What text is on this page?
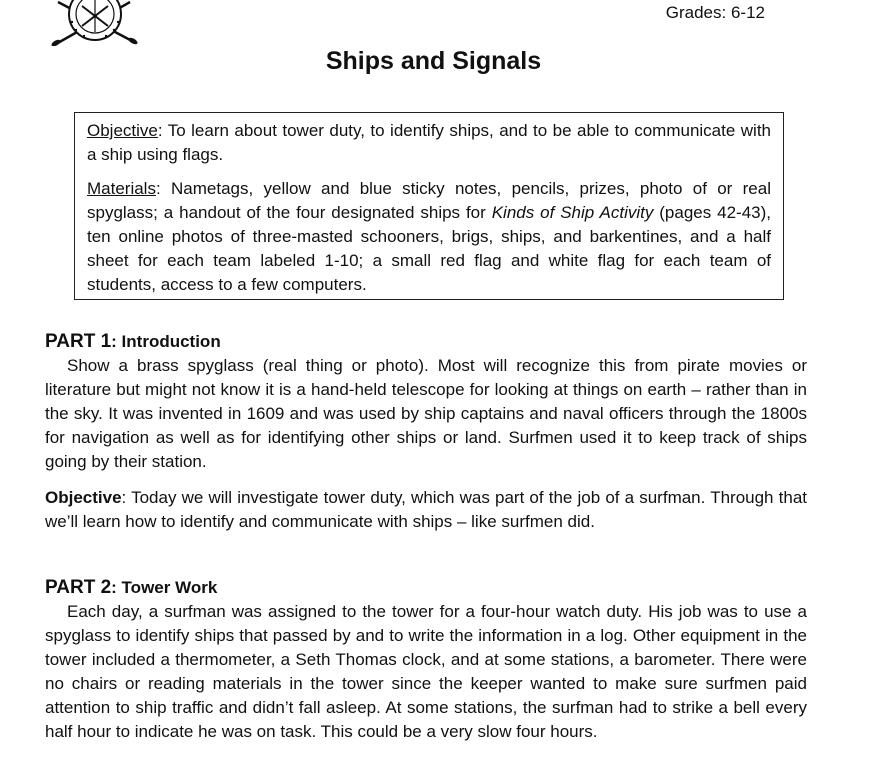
Grades: 6-12
Ships and Signals

Objective: To learn about tower duty, to identify ships, and to be able to communicate with a ship using flags.

Materials: Nametags, yellow and blue sticky notes, pencils, prizes, photo of or real spyglass; a handout of the four designated ships for Kinds of Ship Activity (pages 42-43), ten online photos of three-masted schooners, brigs, ships, and barkentines, and a half sheet for each team labeled 1-10; a small red flag and white flag for each team of students, access to a few computers.

PART 1: Introduction

Show a brass spyglass (real thing or photo). Most will recognize this from pirate movies or literature but might not know it is a hand-held telescope for looking at things on earth – rather than in the sky. It was invented in 1609 and was used by ship captains and naval officers through the 1800s for navigation as well as for identifying other ships or land. Surfmen used it to keep track of ships going by their station.

Objective: Today we will investigate tower duty, which was part of the job of a surfman. Through that we’ll learn how to identify and communicate with ships – like surfmen did.

PART 2: Tower Work

Each day, a surfman was assigned to the tower for a four-hour watch duty. His job was to use a spyglass to identify ships that passed by and to write the information in a log. Other equipment in the tower included a thermometer, a Seth Thomas clock, and at some stations, a barometer. There were no chairs or reading materials in the tower since the keeper wanted to make sure surfmen paid attention to ship traffic and didn’t fall asleep. At some stations, the surfman had to strike a bell every half hour to indicate he was on task. This could be a very slow four hours.
